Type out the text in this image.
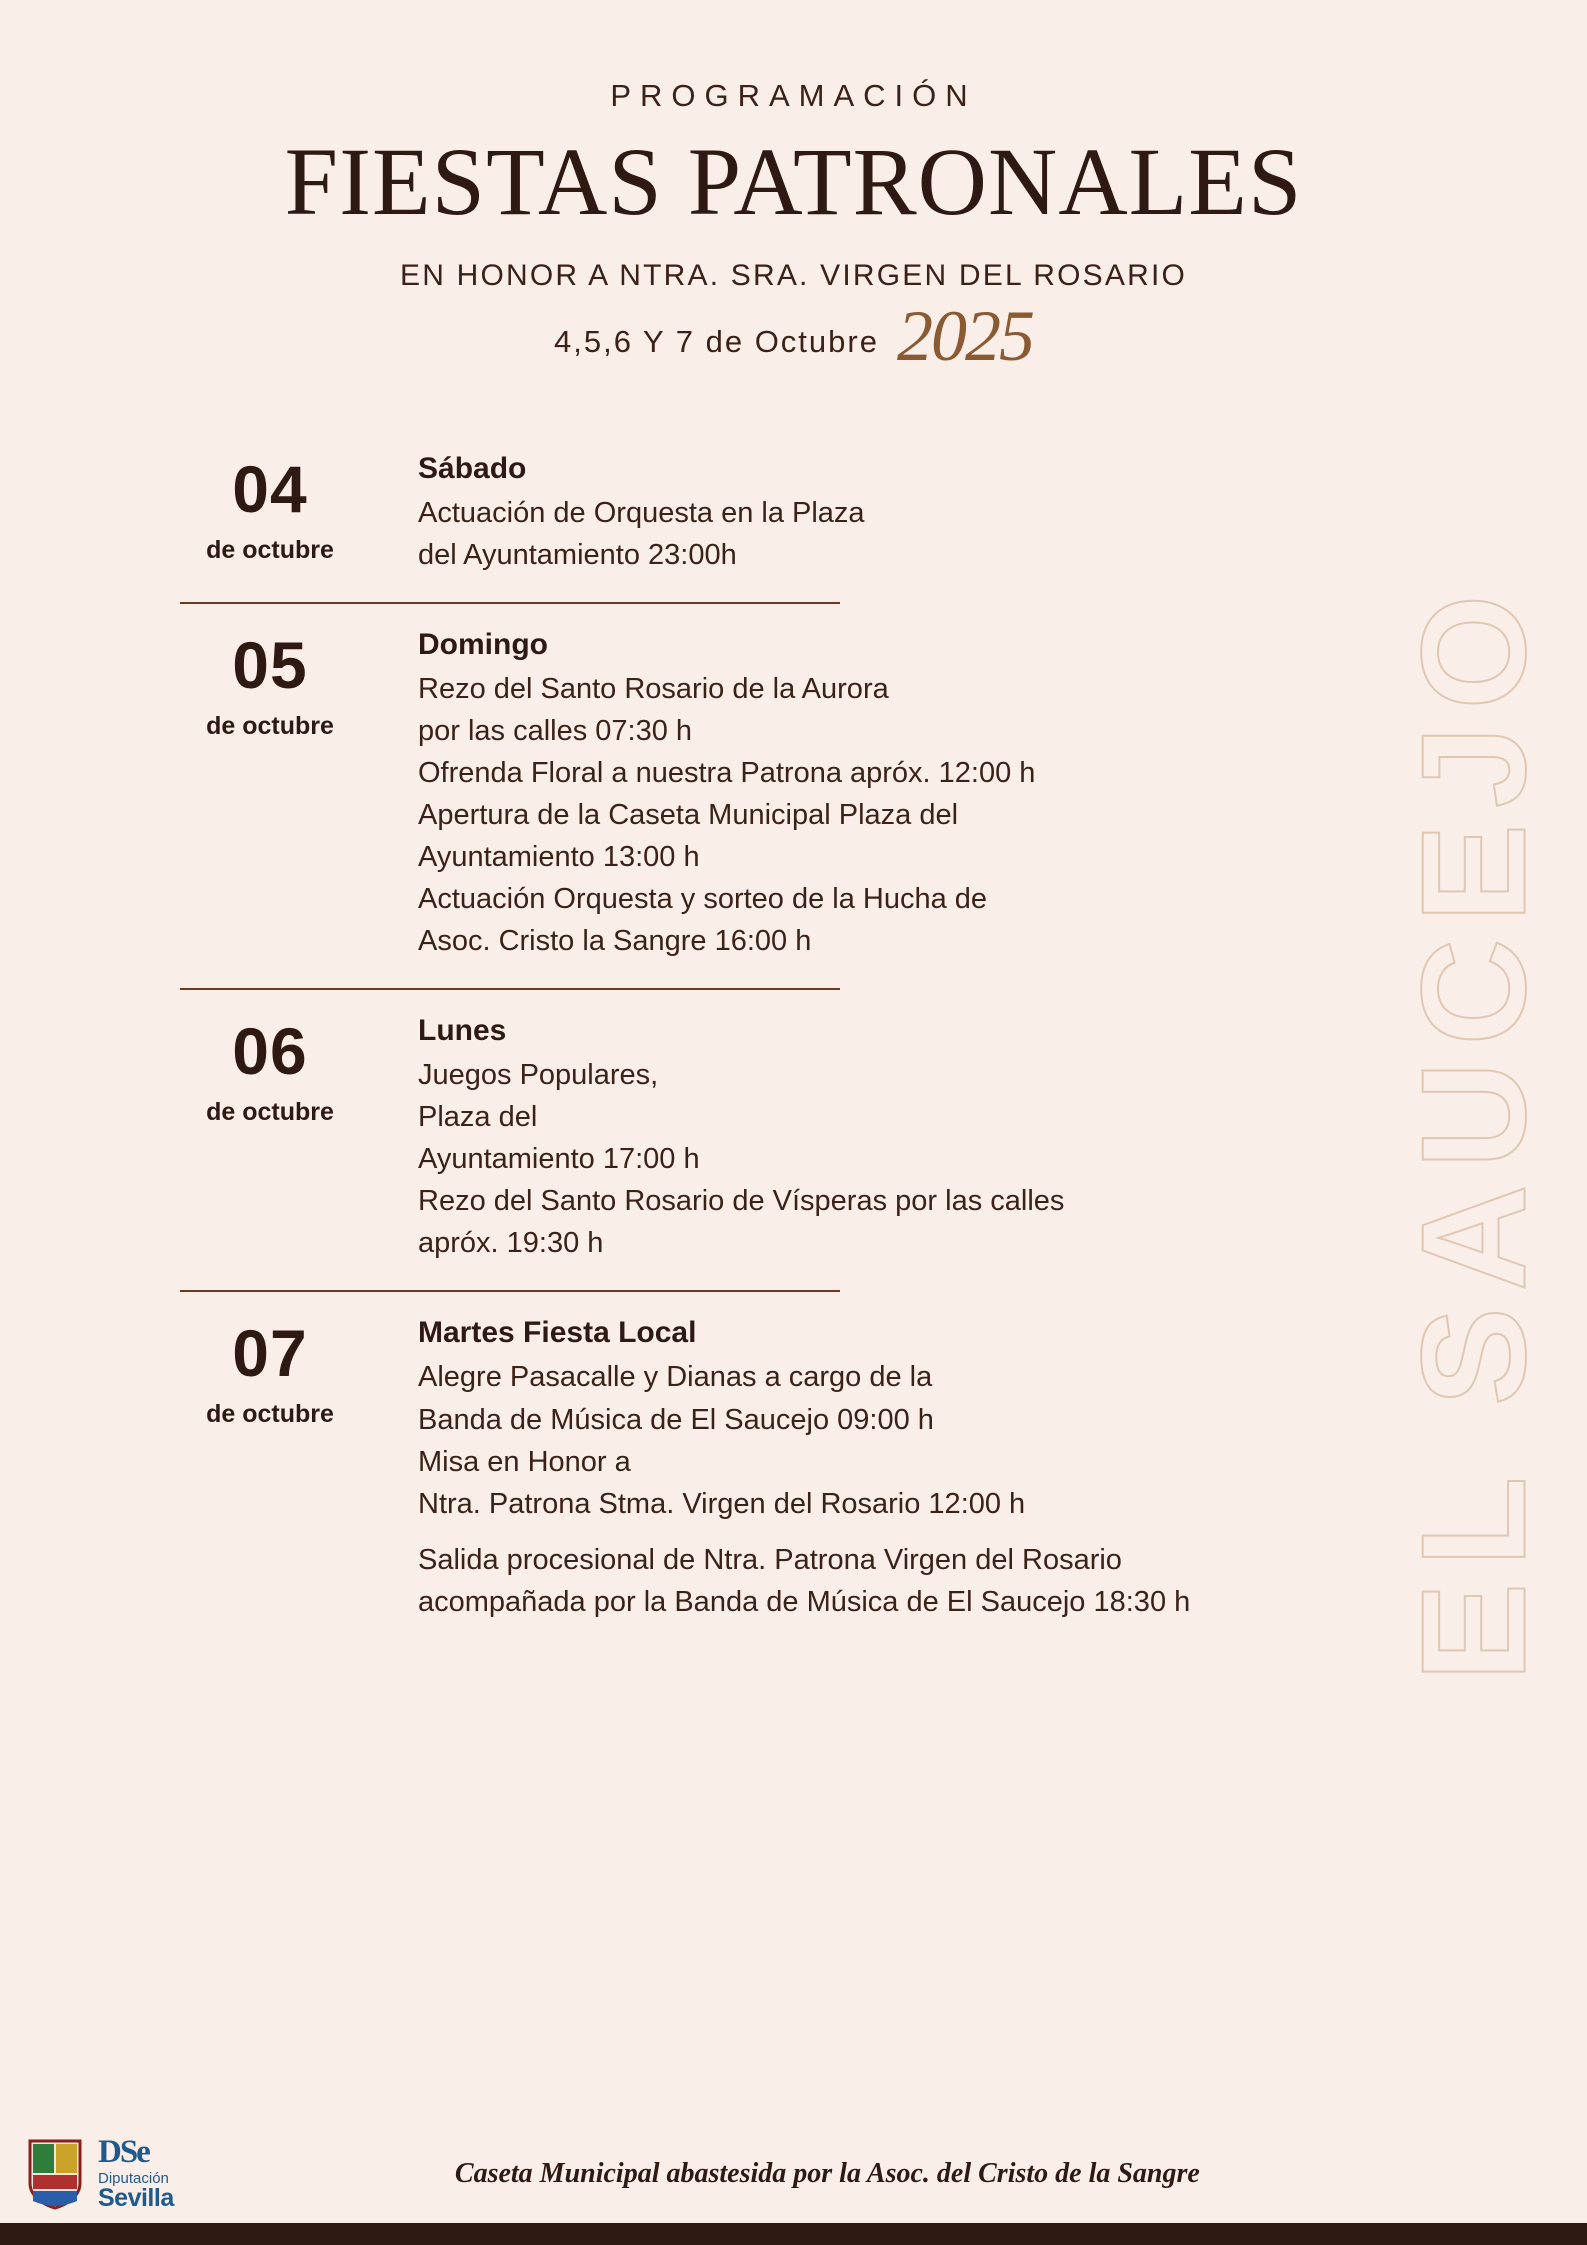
EL SAUCEJO
PROGRAMACIÓN
FIESTAS PATRONALES
EN HONOR A NTRA. SRA. VIRGEN DEL ROSARIO
4,5,6 Y 7 de Octubre 2025
04
de octubre
Sábado
Actuación de Orquesta en la Plaza
del Ayuntamiento 23:00h
05
de octubre
Domingo
Rezo del Santo Rosario de la Aurora
por las calles 07:30 h
Ofrenda Floral a nuestra Patrona apróx. 12:00 h
Apertura de la Caseta Municipal Plaza del
Ayuntamiento 13:00 h
Actuación Orquesta y sorteo de la Hucha de
Asoc. Cristo la Sangre 16:00 h
06
de octubre
Lunes
Juegos Populares,
Plaza del
Ayuntamiento 17:00 h
Rezo del Santo Rosario de Vísperas por las calles
apróx. 19:30 h
07
de octubre
Martes Fiesta Local
Alegre Pasacalle y Dianas a cargo de la
Banda de Música de El Saucejo 09:00 h
Misa en Honor a
Ntra. Patrona Stma. Virgen del Rosario 12:00 h
Salida procesional de Ntra. Patrona Virgen del Rosario
acompañada por la Banda de Música de El Saucejo 18:30 h
DSe
Diputación
Sevilla
Caseta Municipal abastesida por la Asoc. del Cristo de la Sangre
